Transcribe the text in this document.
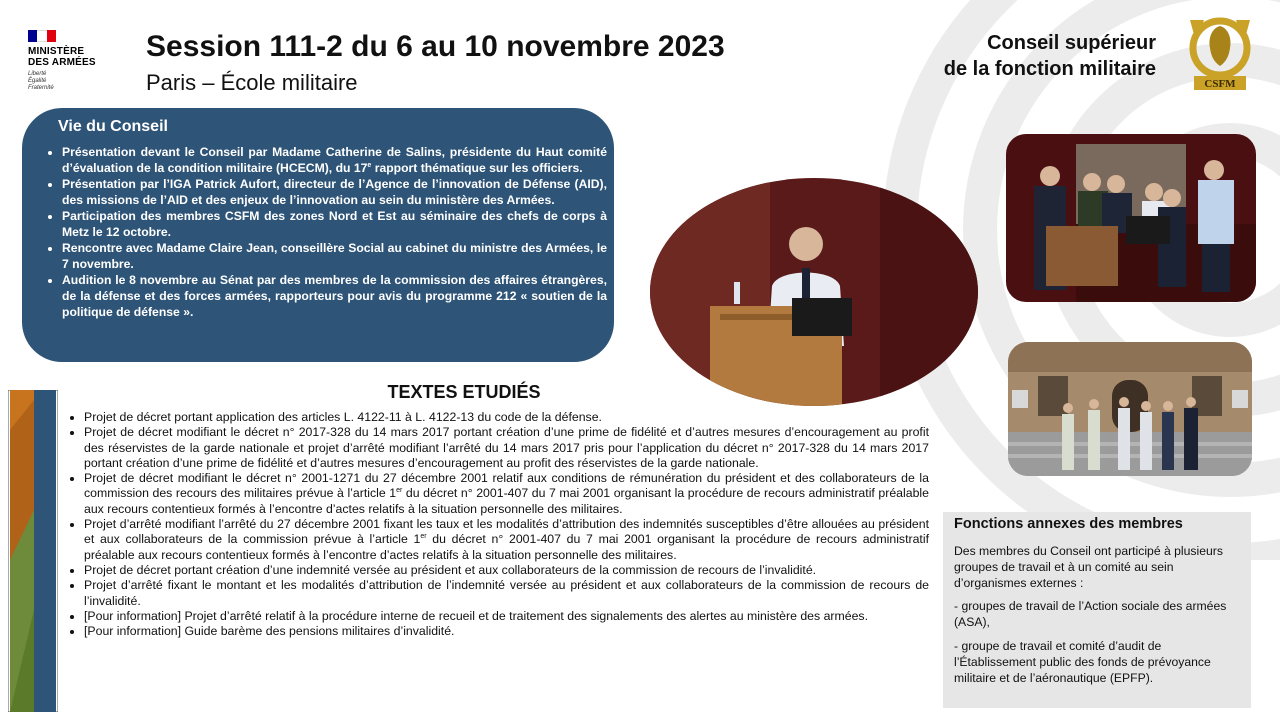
MINISTÈRE
DES ARMÉES
Liberté
Égalité
Fraternité
Session 111-2 du 6 au 10 novembre 2023
Paris – École militaire
Conseil supérieur
de la fonction militaire
CSFM
Vie du Conseil
• Présentation devant le Conseil par Madame Catherine de Salins, présidente du Haut comité d’évaluation de la condition militaire (HCECM), du 17e rapport thématique sur les officiers.
• Présentation par l’IGA Patrick Aufort, directeur de l’Agence de l’innovation de Défense (AID), des missions de l’AID et des enjeux de l’innovation au sein du ministère des Armées.
• Participation des membres CSFM des zones Nord et Est au séminaire des chefs de corps à Metz le 12 octobre.
• Rencontre avec Madame Claire Jean, conseillère Social au cabinet du ministre des Armées, le 7 novembre.
• Audition le 8 novembre au Sénat par des membres de la commission des affaires étrangères, de la défense et des forces armées, rapporteurs pour avis du programme 212 « soutien de la politique de défense ».
TEXTES ETUDIÉS
• Projet de décret portant application des articles L. 4122-11 à L. 4122-13 du code de la défense.
• Projet de décret modifiant le décret n° 2017-328 du 14 mars 2017 portant création d’une prime de fidélité et d’autres mesures d’encouragement au profit des réservistes de la garde nationale et projet d’arrêté modifiant l’arrêté du 14 mars 2017 pris pour l’application du décret n° 2017-328 du 14 mars 2017 portant création d’une prime de fidélité et d’autres mesures d’encouragement au profit des réservistes de la garde nationale.
• Projet de décret modifiant le décret n° 2001-1271 du 27 décembre 2001 relatif aux conditions de rémunération du président et des collaborateurs de la commission des recours des militaires prévue à l’article 1er du décret n° 2001-407 du 7 mai 2001 organisant la procédure de recours administratif préalable aux recours contentieux formés à l’encontre d’actes relatifs à la situation personnelle des militaires.
• Projet d’arrêté modifiant l’arrêté du 27 décembre 2001 fixant les taux et les modalités d’attribution des indemnités susceptibles d’être allouées au président et aux collaborateurs de la commission prévue à l’article 1er du décret n° 2001-407 du 7 mai 2001 organisant la procédure de recours administratif préalable aux recours contentieux formés à l’encontre d’actes relatifs à la situation personnelle des militaires.
• Projet de décret portant création d’une indemnité versée au président et aux collaborateurs de la commission de recours de l’invalidité.
• Projet d’arrêté fixant le montant et les modalités d’attribution de l’indemnité versée au président et aux collaborateurs de la commission de recours de l’invalidité.
• [Pour information] Projet d’arrêté relatif à la procédure interne de recueil et de traitement des signalements des alertes au ministère des armées.
• [Pour information] Guide barème des pensions militaires d’invalidité.
Fonctions annexes des membres

Des membres du Conseil ont participé à plusieurs groupes de travail et à un comité au sein d’organismes externes :

- groupes de travail de l’Action sociale des armées (ASA),

- groupe de travail et comité d’audit de l’Établissement public des fonds de prévoyance militaire et de l’aéronautique (EPFP).
